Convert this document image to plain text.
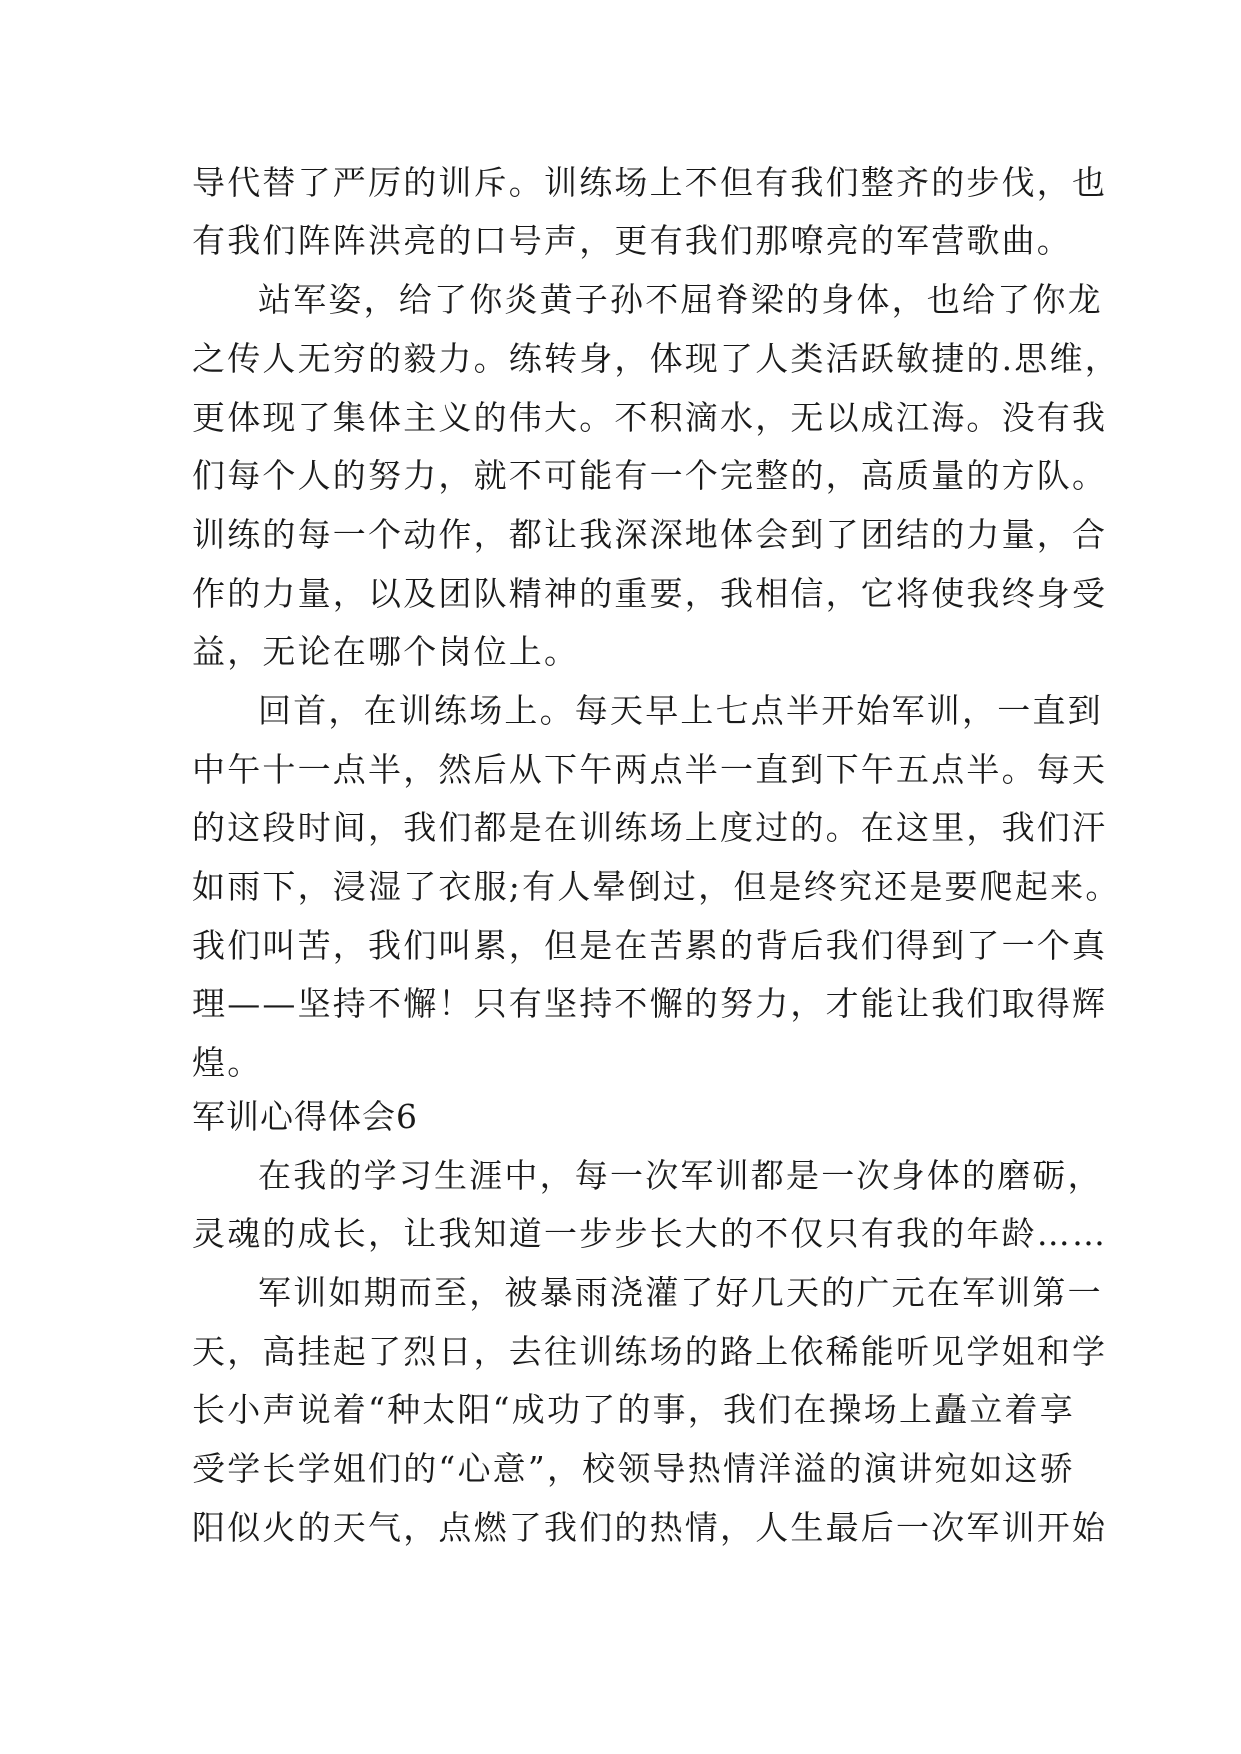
导代替了严厉的训斥。训练场上不但有我们整齐的步伐，也
有我们阵阵洪亮的口号声，更有我们那嘹亮的军营歌曲。
站军姿，给了你炎黄子孙不屈脊梁的身体，也给了你龙
之传人无穷的毅力。练转身，体现了人类活跃敏捷的.思维，
更体现了集体主义的伟大。不积滴水，无以成江海。没有我
们每个人的努力，就不可能有一个完整的，高质量的方队。
训练的每一个动作，都让我深深地体会到了团结的力量，合
作的力量，以及团队精神的重要，我相信，它将使我终身受
益，无论在哪个岗位上。
回首，在训练场上。每天早上七点半开始军训，一直到
中午十一点半，然后从下午两点半一直到下午五点半。每天
的这段时间，我们都是在训练场上度过的。在这里，我们汗
如雨下，浸湿了衣服;有人晕倒过，但是终究还是要爬起来。
我们叫苦，我们叫累，但是在苦累的背后我们得到了一个真
理——坚持不懈！只有坚持不懈的努力，才能让我们取得辉
煌。
军训心得体会6
在我的学习生涯中，每一次军训都是一次身体的磨砺，
灵魂的成长，让我知道一步步长大的不仅只有我的年龄……
军训如期而至，被暴雨浇灌了好几天的广元在军训第一
天，高挂起了烈日，去往训练场的路上依稀能听见学姐和学
长小声说着“种太阳“成功了的事，我们在操场上矗立着享
受学长学姐们的“心意”，校领导热情洋溢的演讲宛如这骄
阳似火的天气，点燃了我们的热情，人生最后一次军训开始
